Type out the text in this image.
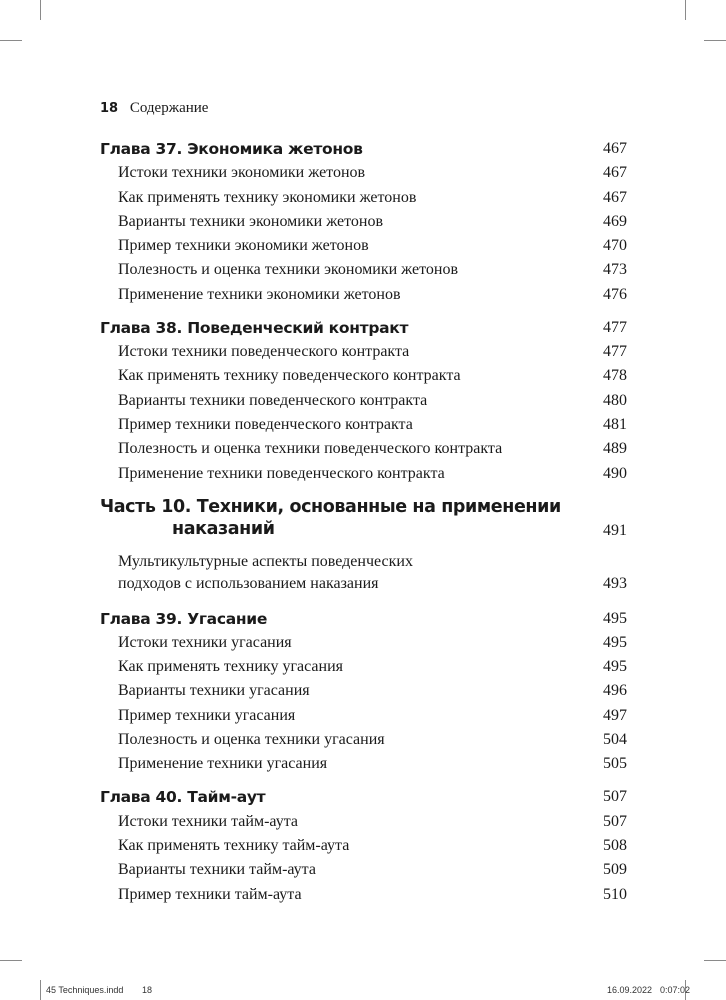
18 Содержание
Глава 37. Экономика жетонов	467
Истоки техники экономики жетонов	467
Как применять технику экономики жетонов	467
Варианты техники экономики жетонов	469
Пример техники экономики жетонов	470
Полезность и оценка техники экономики жетонов	473
Применение техники экономики жетонов	476
Глава 38. Поведенческий контракт	477
Истоки техники поведенческого контракта	477
Как применять технику поведенческого контракта	478
Варианты техники поведенческого контракта	480
Пример техники поведенческого контракта	481
Полезность и оценка техники поведенческого контракта	489
Применение техники поведенческого контракта	490
Часть 10. Техники, основанные на применении
наказаний	491
Мультикультурные аспекты поведенческих
подходов с использованием наказания	493
Глава 39. Угасание	495
Истоки техники угасания	495
Как применять технику угасания	495
Варианты техники угасания	496
Пример техники угасания	497
Полезность и оценка техники угасания	504
Применение техники угасания	505
Глава 40. Тайм-аут	507
Истоки техники тайм-аута	507
Как применять технику тайм-аута	508
Варианты техники тайм-аута	509
Пример техники тайм-аута	510
45 Techniques.indd 18	16.09.2022 0:07:02
